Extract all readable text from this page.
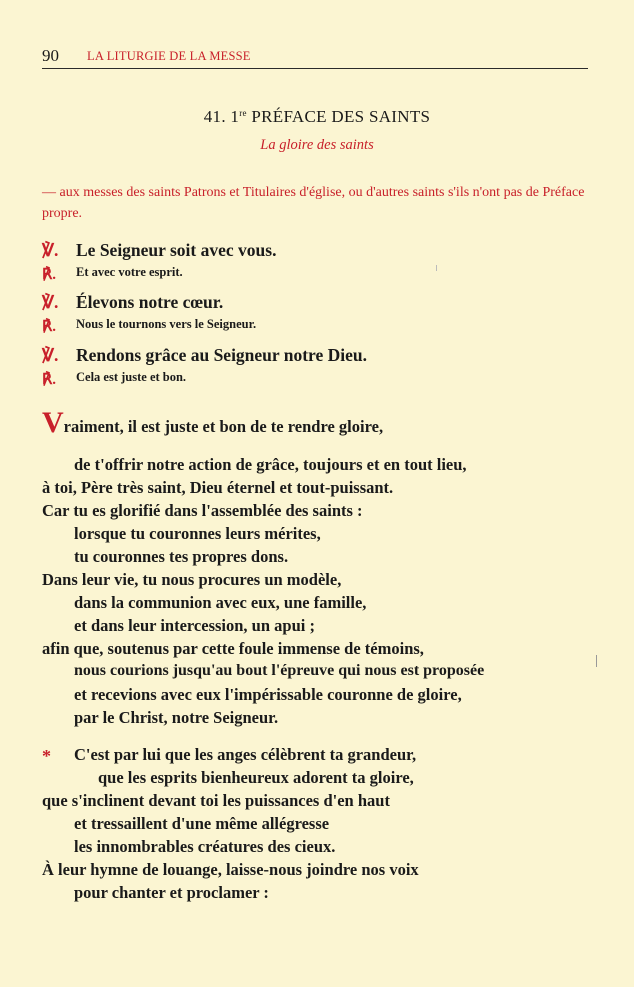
90 LA LITURGIE DE LA MESSE
41. 1re PRÉFACE DES SAINTS
La gloire des saints
— aux messes des saints Patrons et Titulaires d'église, ou d'autres saints s'ils n'ont pas de Préface propre.
℣. Le Seigneur soit avec vous.
℟. Et avec votre esprit.
℣. Élevons notre cœur.
℟. Nous le tournons vers le Seigneur.
℣. Rendons grâce au Seigneur notre Dieu.
℟. Cela est juste et bon.
Vraiment, il est juste et bon de te rendre gloire,
de t'offrir notre action de grâce, toujours et en tout lieu,
à toi, Père très saint, Dieu éternel et tout-puissant.
Car tu es glorifié dans l'assemblée des saints :
lorsque tu couronnes leurs mérites,
tu couronnes tes propres dons.
Dans leur vie, tu nous procures un modèle,
dans la communion avec eux, une famille,
et dans leur intercession, un apui ;
afin que, soutenus par cette foule immense de témoins,
nous courions jusqu'au bout l'épreuve qui nous est proposée
et recevions avec eux l'impérissable couronne de gloire,
par le Christ, notre Seigneur.
* C'est par lui que les anges célèbrent ta grandeur,
que les esprits bienheureux adorent ta gloire,
que s'inclinent devant toi les puissances d'en haut
et tressaillent d'une même allégresse
les innombrables créatures des cieux.
À leur hymne de louange, laisse-nous joindre nos voix
pour chanter et proclamer :
